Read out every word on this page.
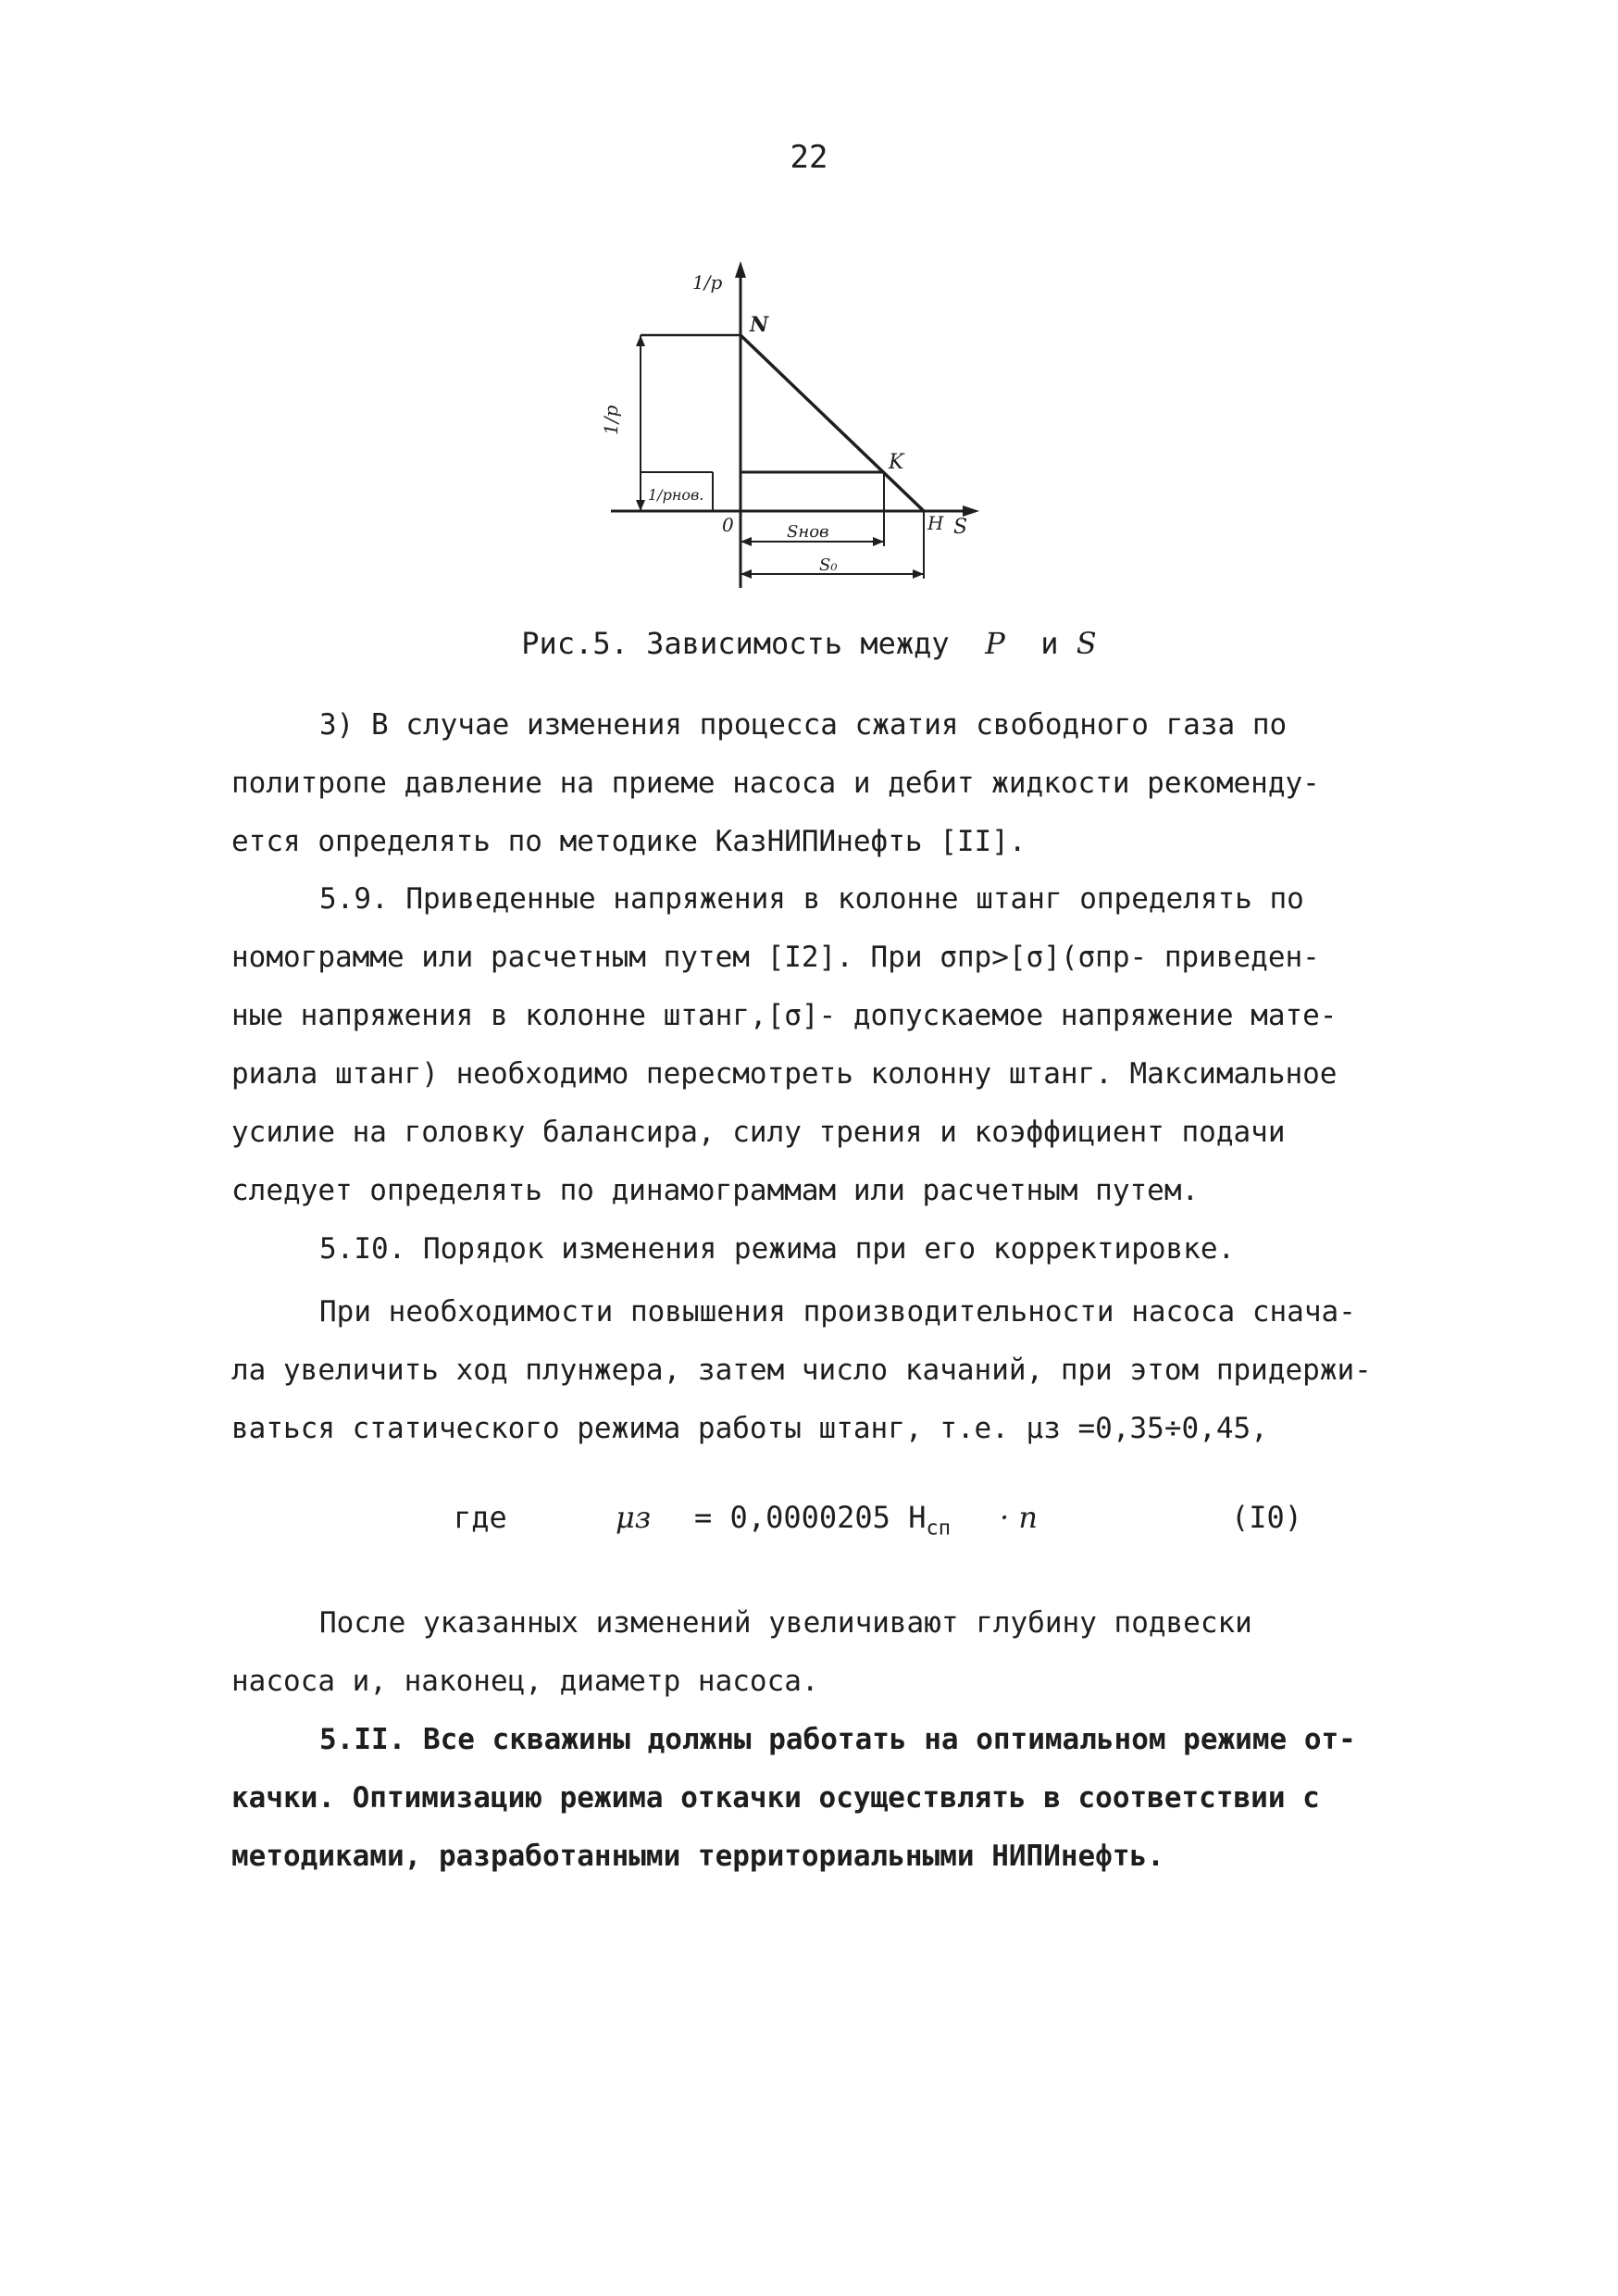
22
1/p
N
K
H S
0
1/p
1/pнов.
Sнов
S₀
Рис.5. Зависимость между P и S
3) В случае изменения процесса сжатия свободного газа по
политропе давление на приеме насоса и дебит жидкости рекоменду-
ется определять по методике КазНИПИнефть [II].
5.9. Приведенные напряжения в колонне штанг определять по
номограмме или расчетным путем [I2]. При σпр>[σ](σпр- приведен-
ные напряжения в колонне штанг,[σ]- допускаемое напряжение мате-
риала штанг) необходимо пересмотреть колонну штанг. Максимальное
усилие на головку балансира, силу трения и коэффициент подачи
следует определять по динамограммам или расчетным путем.
5.I0. Порядок изменения режима при его корректировке.
При необходимости повышения производительности насоса снача-
ла увеличить ход плунжера, затем число качаний, при этом придержи-
ваться статического режима работы штанг, т.е. μз =0,35÷0,45,
где	μз = 0,0000205 $H_{сп} \cdot n$	(I0)
После указанных изменений увеличивают глубину подвески
насоса и, наконец, диаметр насоса.
5.II. Все скважины должны работать на оптимальном режиме от-
качки. Оптимизацию режима откачки осуществлять в соответствии с
методиками, разработанными территориальными НИПИнефть.
